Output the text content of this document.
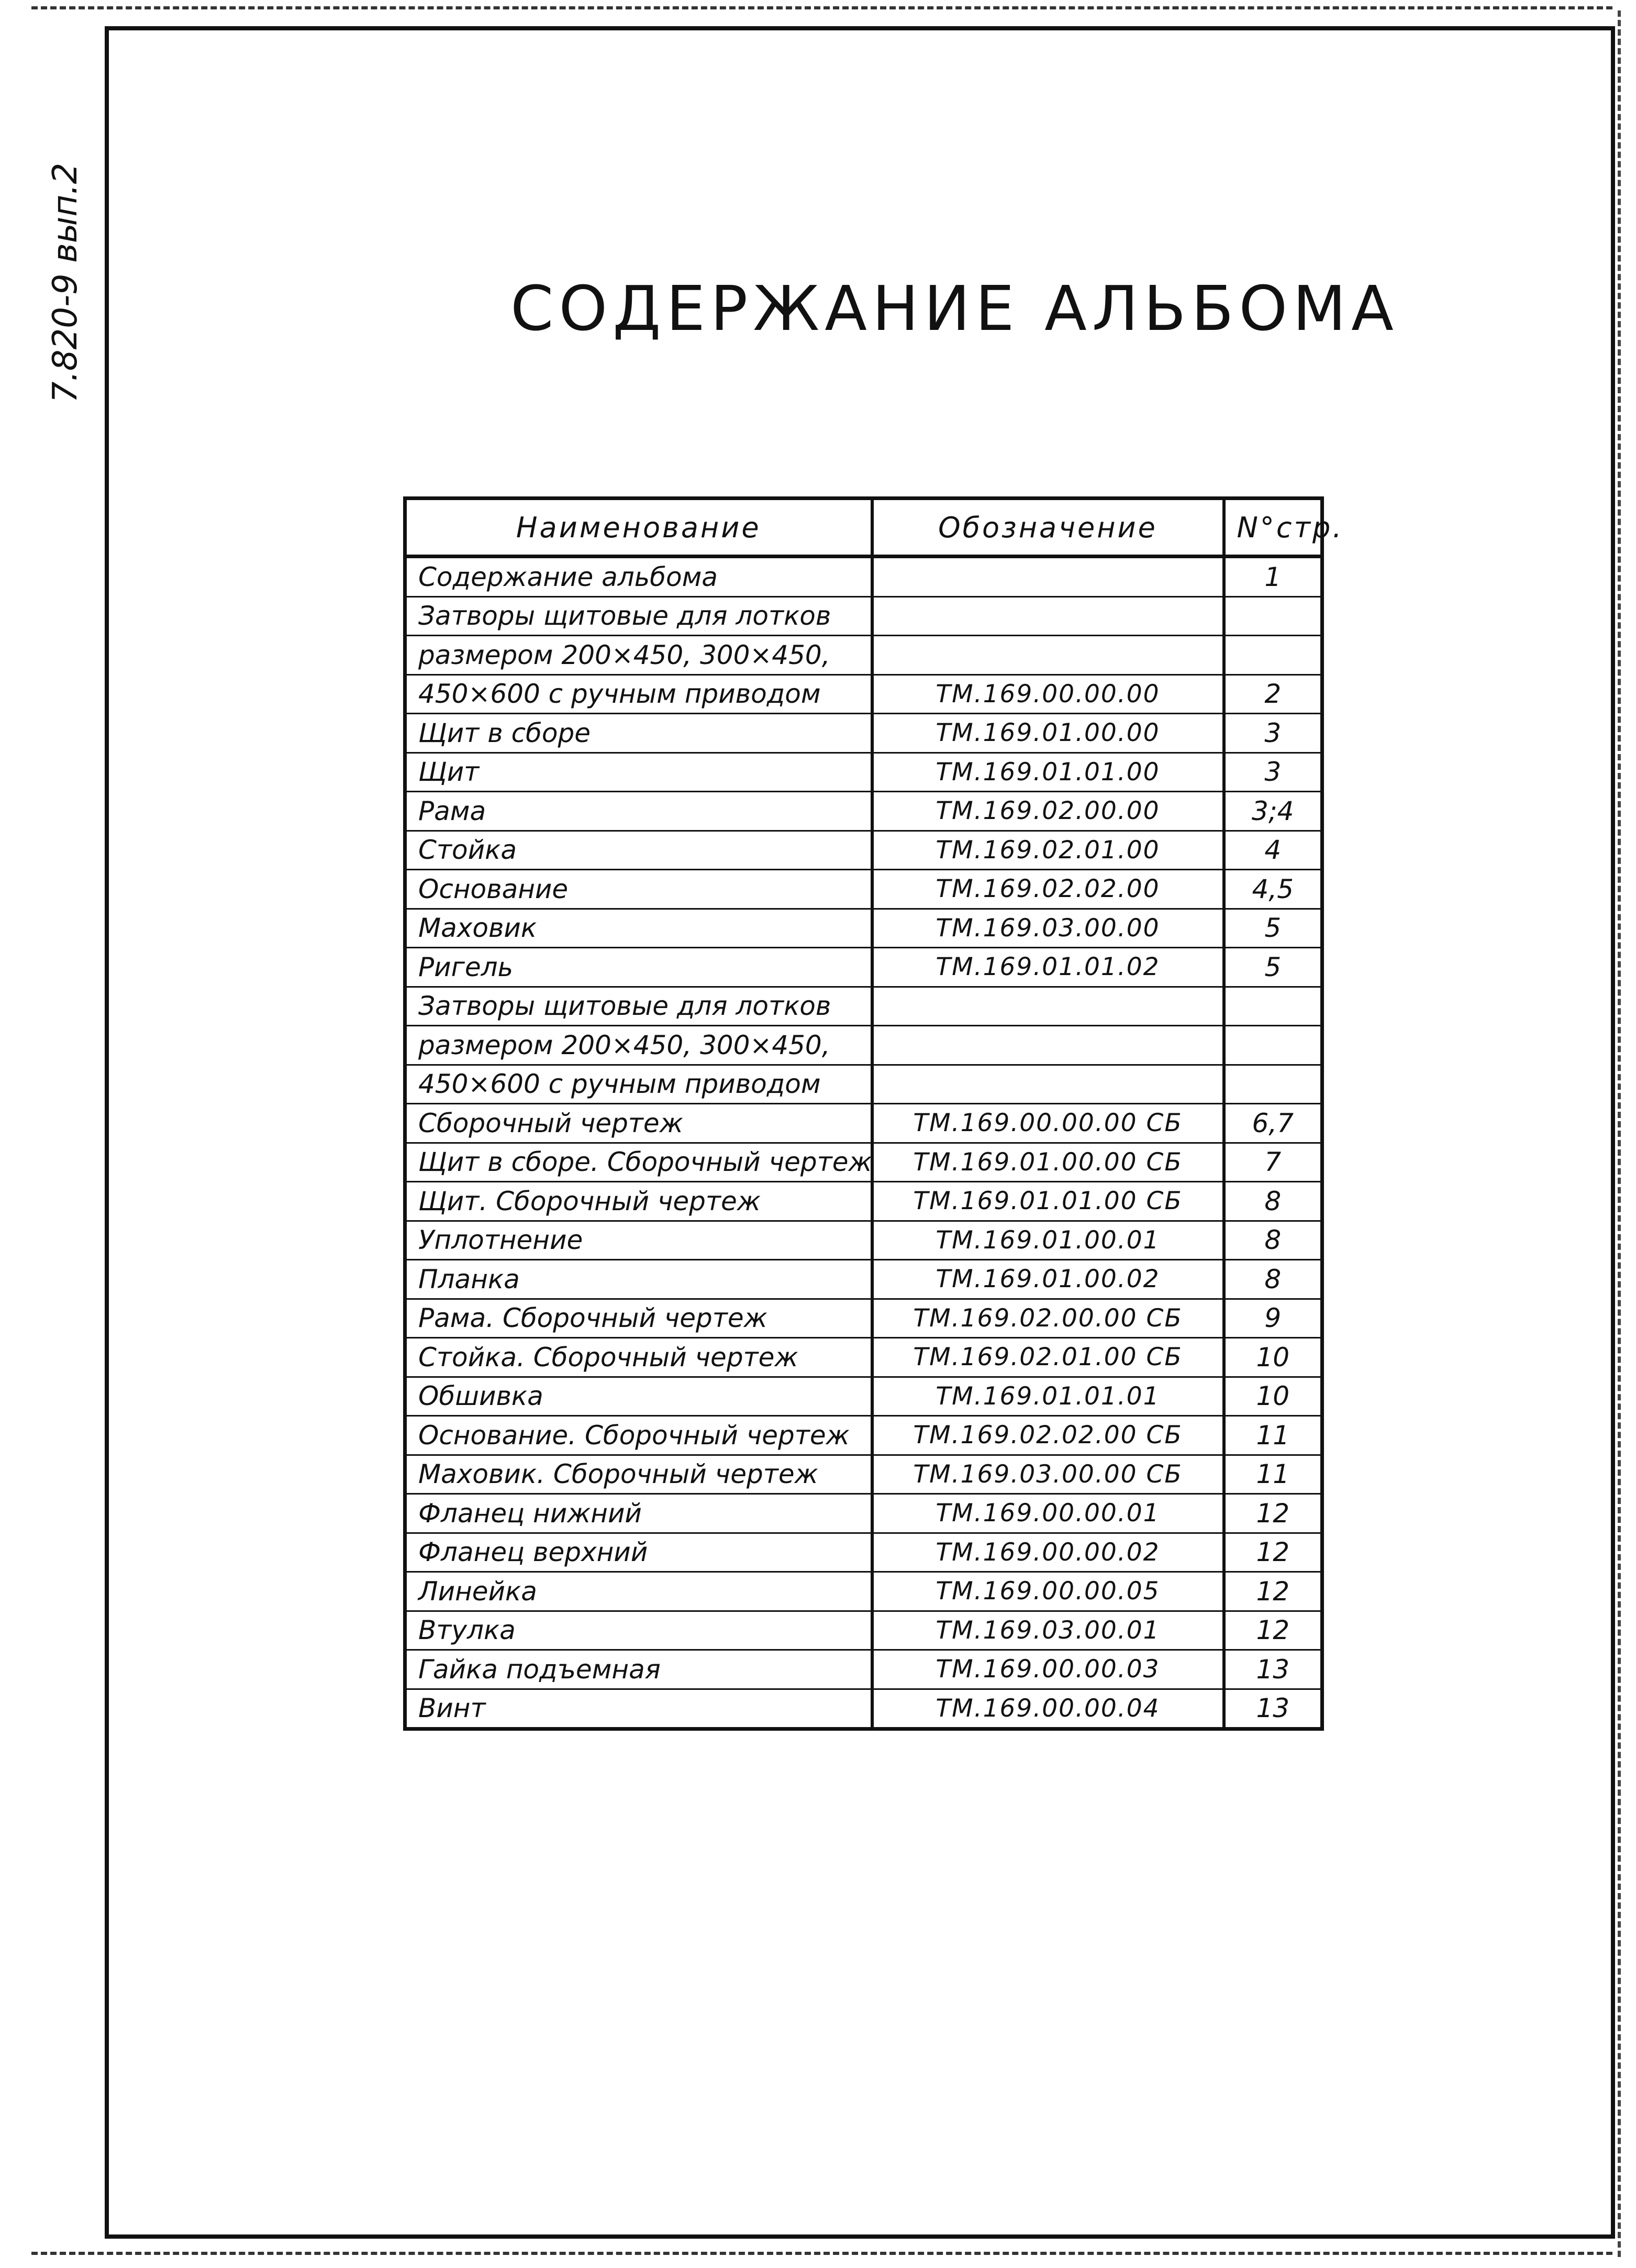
7.820-9 вып.2	СОДЕРЖАНИЕ АЛЬБОМА
Наименование	Обозначение	N°стр.
Содержание альбома		1
Затворы щитовые для лотков		
размером 200×450, 300×450,		
450×600 с ручным приводом	ТМ.169.00.00.00	2
Щит в сборе	ТМ.169.01.00.00	3
Щит	ТМ.169.01.01.00	3
Рама	ТМ.169.02.00.00	3;4
Стойка	ТМ.169.02.01.00	4
Основание	ТМ.169.02.02.00	4,5
Маховик	ТМ.169.03.00.00	5
Ригель	ТМ.169.01.01.02	5
Затворы щитовые для лотков		
размером 200×450, 300×450,		
450×600 с ручным приводом		
Сборочный чертеж	ТМ.169.00.00.00 СБ	6,7
Щит в сборе. Сборочный чертеж	ТМ.169.01.00.00 СБ	7
Щит. Сборочный чертеж	ТМ.169.01.01.00 СБ	8
Уплотнение	ТМ.169.01.00.01	8
Планка	ТМ.169.01.00.02	8
Рама. Сборочный чертеж	ТМ.169.02.00.00 СБ	9
Стойка. Сборочный чертеж	ТМ.169.02.01.00 СБ	10
Обшивка	ТМ.169.01.01.01	10
Основание. Сборочный чертеж	ТМ.169.02.02.00 СБ	11
Маховик. Сборочный чертеж	ТМ.169.03.00.00 СБ	11
Фланец нижний	ТМ.169.00.00.01	12
Фланец верхний	ТМ.169.00.00.02	12
Линейка	ТМ.169.00.00.05	12
Втулка	ТМ.169.03.00.01	12
Гайка подъемная	ТМ.169.00.00.03	13
Винт	ТМ.169.00.00.04	13
